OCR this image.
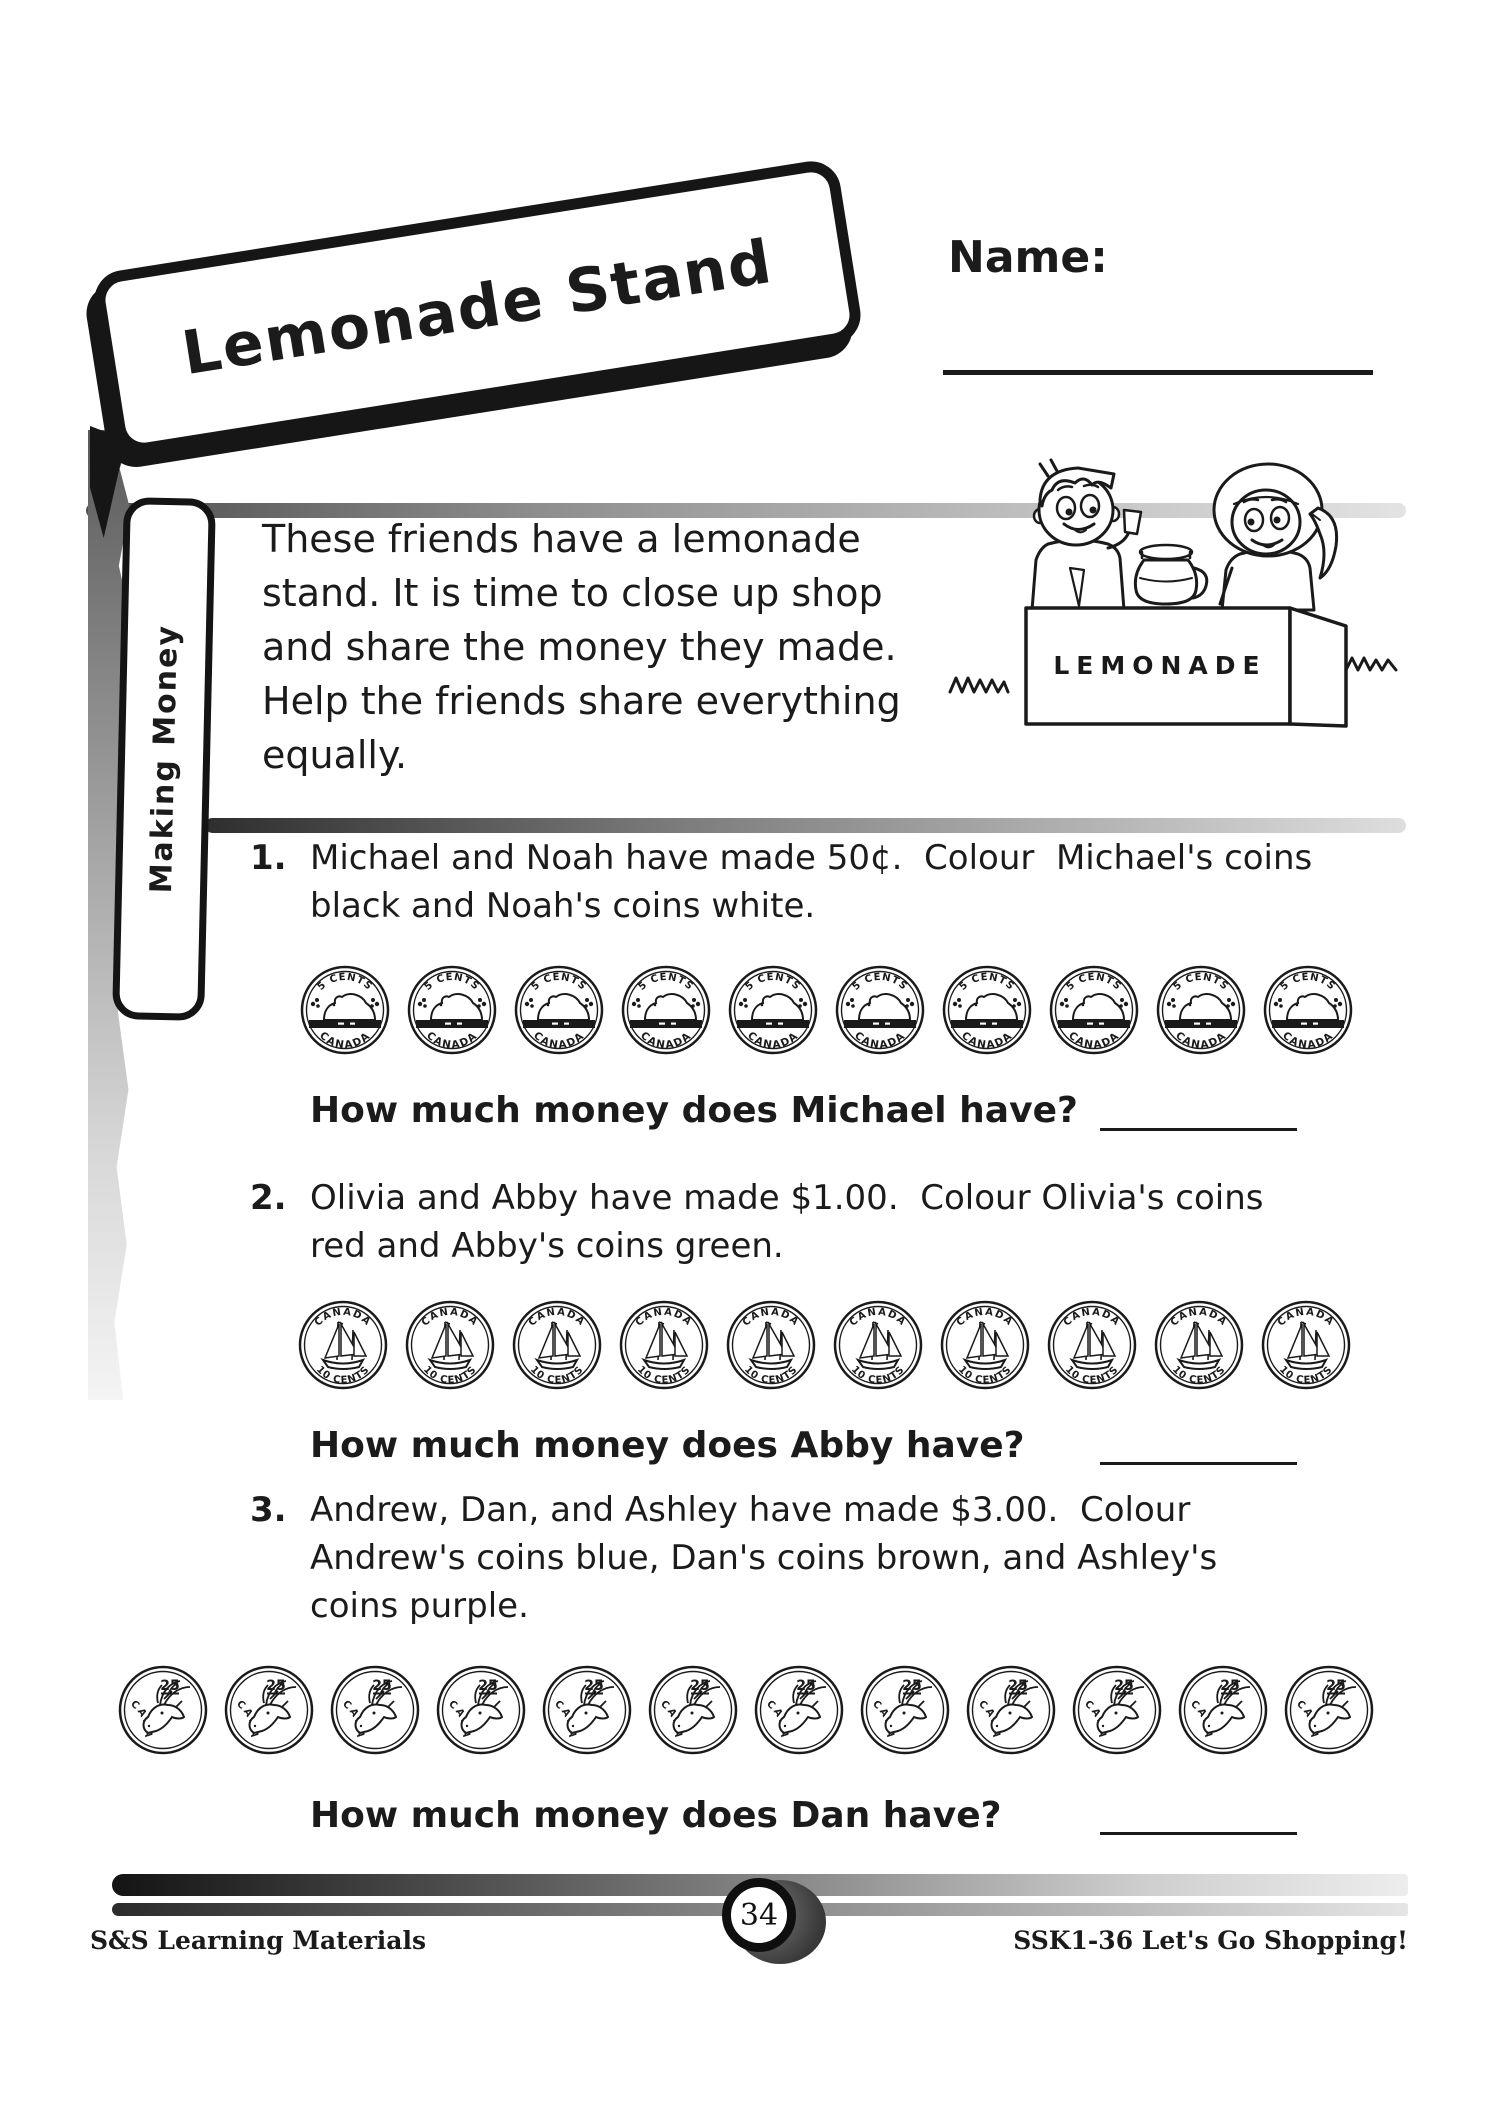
Lemonade Stand	Name:
Making Money
These friends have a lemonade
stand. It is time to close up shop
and share the money they made.
Help the friends share everything
equally.
LEMONADE
1. Michael and Noah have made 50¢.  Colour  Michael's coins
black and Noah's coins white.
How much money does Michael have?
2. Olivia and Abby have made $1.00.  Colour Olivia's coins
red and Abby's coins green.
How much money does Abby have?
3. Andrew, Dan, and Ashley have made $3.00.  Colour
Andrew's coins blue, Dan's coins brown, and Ashley's
coins purple.
How much money does Dan have?
34
S&S Learning Materials	SSK1-36 Let's Go Shopping!
